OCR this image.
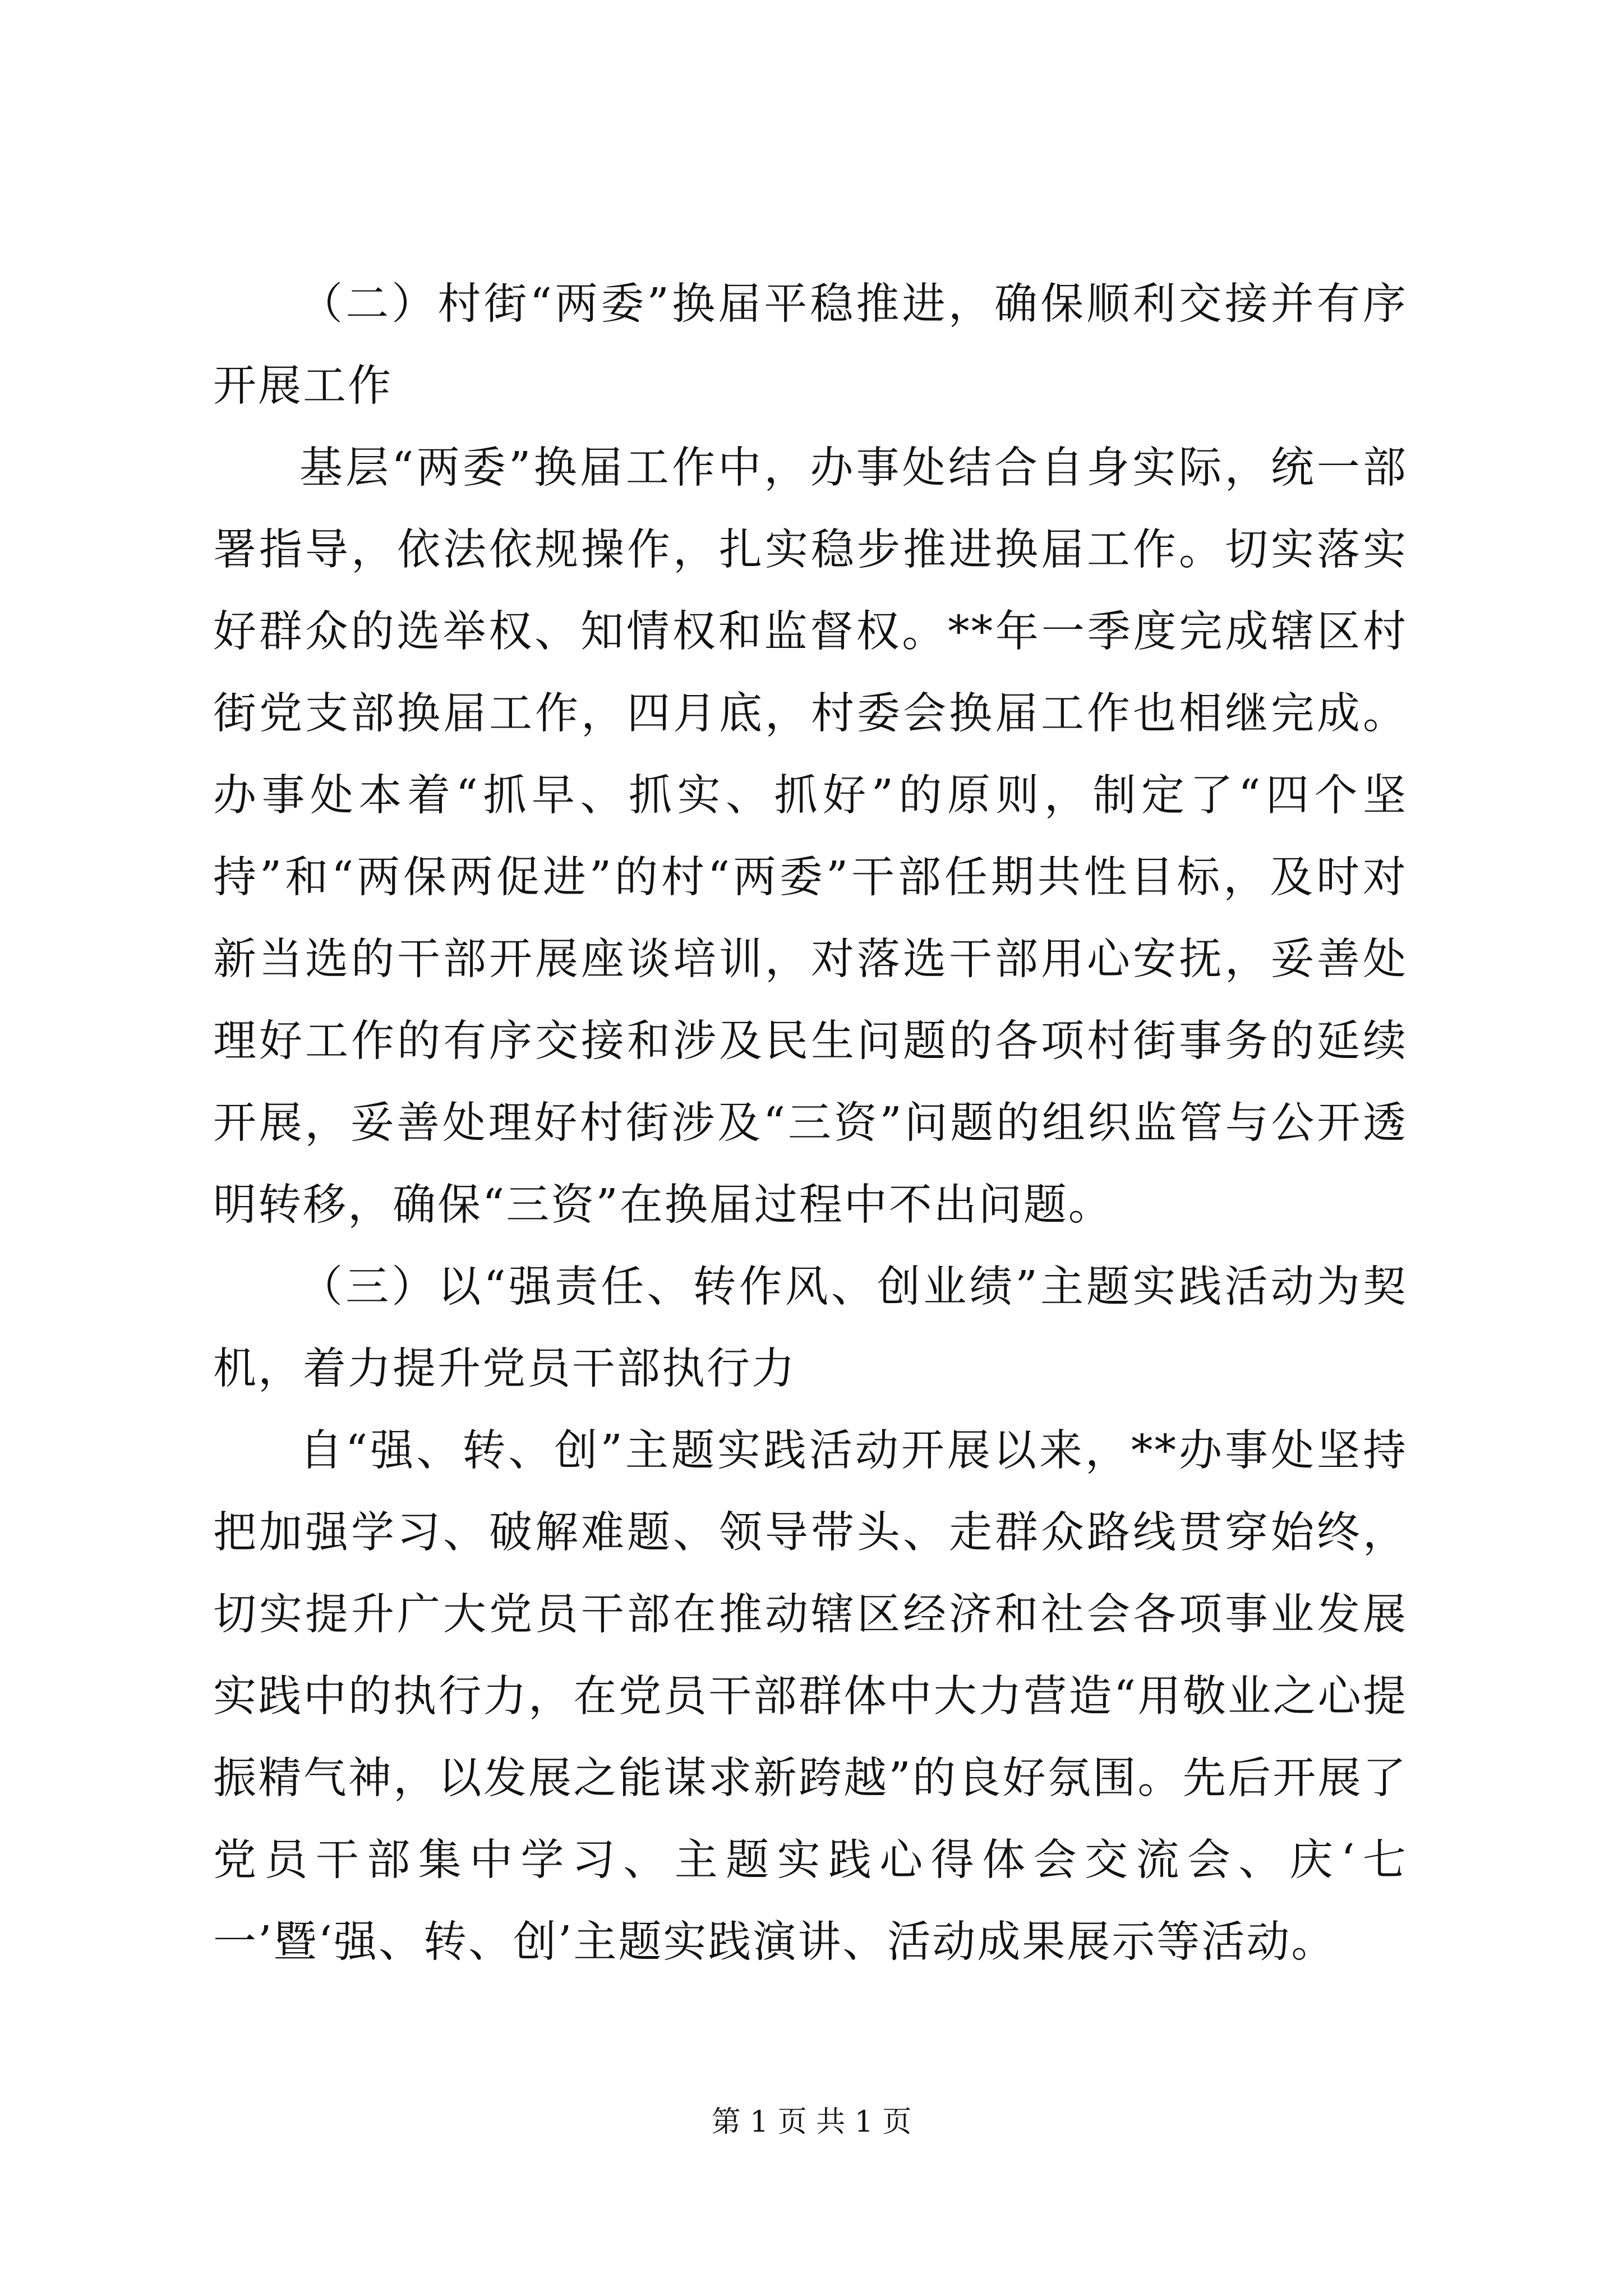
（二）村街“两委”换届平稳推进，确保顺利交接并有序开展工作

基层“两委”换届工作中，办事处结合自身实际，统一部署指导，依法依规操作，扎实稳步推进换届工作。切实落实好群众的选举权、知情权和监督权。**年一季度完成辖区村街党支部换届工作，四月底，村委会换届工作也相继完成。办事处本着“抓早、抓实、抓好”的原则，制定了“四个坚持”和“两保两促进”的村“两委”干部任期共性目标，及时对新当选的干部开展座谈培训，对落选干部用心安抚，妥善处理好工作的有序交接和涉及民生问题的各项村街事务的延续开展，妥善处理好村街涉及“三资”问题的组织监管与公开透明转移，确保“三资”在换届过程中不出问题。

（三）以“强责任、转作风、创业绩”主题实践活动为契机，着力提升党员干部执行力

自“强、转、创”主题实践活动开展以来，**办事处坚持把加强学习、破解难题、领导带头、走群众路线贯穿始终，切实提升广大党员干部在推动辖区经济和社会各项事业发展实践中的执行力，在党员干部群体中大力营造“用敬业之心提振精气神，以发展之能谋求新跨越”的良好氛围。先后开展了党员干部集中学习、主题实践心得体会交流会、庆‘七一’暨‘强、转、创’主题实践演讲、活动成果展示等活动。

第 1 页 共 1 页
